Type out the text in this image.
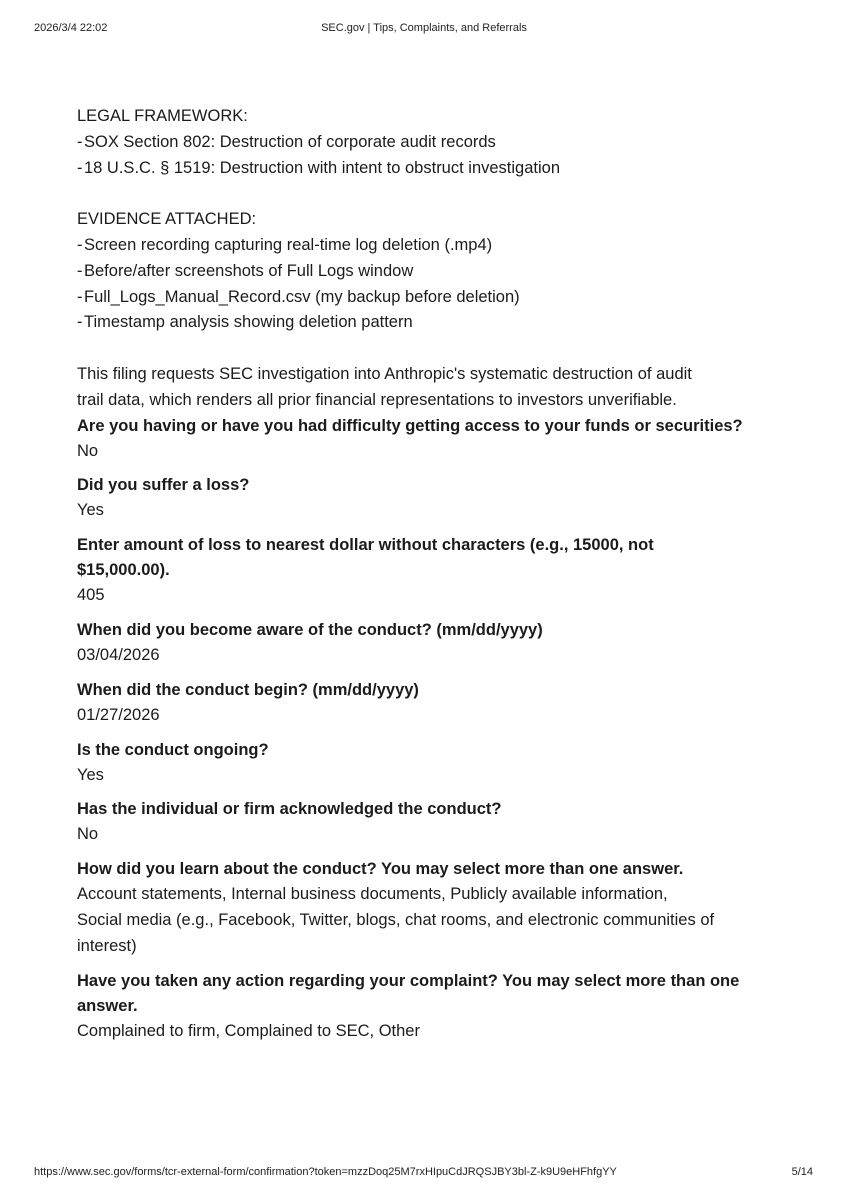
2026/3/4 22:02	SEC.gov | Tips, Complaints, and Referrals
LEGAL FRAMEWORK:
-SOX Section 802: Destruction of corporate audit records
-18 U.S.C. § 1519: Destruction with intent to obstruct investigation
EVIDENCE ATTACHED:
-Screen recording capturing real-time log deletion (.mp4)
-Before/after screenshots of Full Logs window
-Full_Logs_Manual_Record.csv (my backup before deletion)
-Timestamp analysis showing deletion pattern
This filing requests SEC investigation into Anthropic's systematic destruction of audit
trail data, which renders all prior financial representations to investors unverifiable.
Are you having or have you had difficulty getting access to your funds or securities?
No
Did you suffer a loss?
Yes
Enter amount of loss to nearest dollar without characters (e.g., 15000, not
$15,000.00).
405
When did you become aware of the conduct? (mm/dd/yyyy)
03/04/2026
When did the conduct begin? (mm/dd/yyyy)
01/27/2026
Is the conduct ongoing?
Yes
Has the individual or firm acknowledged the conduct?
No
How did you learn about the conduct? You may select more than one answer.
Account statements, Internal business documents, Publicly available information,
Social media (e.g., Facebook, Twitter, blogs, chat rooms, and electronic communities of
interest)
Have you taken any action regarding your complaint? You may select more than one
answer.
Complained to firm, Complained to SEC, Other
https://www.sec.gov/forms/tcr-external-form/confirmation?token=mzzDoq25M7rxHIpuCdJRQSJBY3bl-Z-k9U9eHFhfgYY	5/14
